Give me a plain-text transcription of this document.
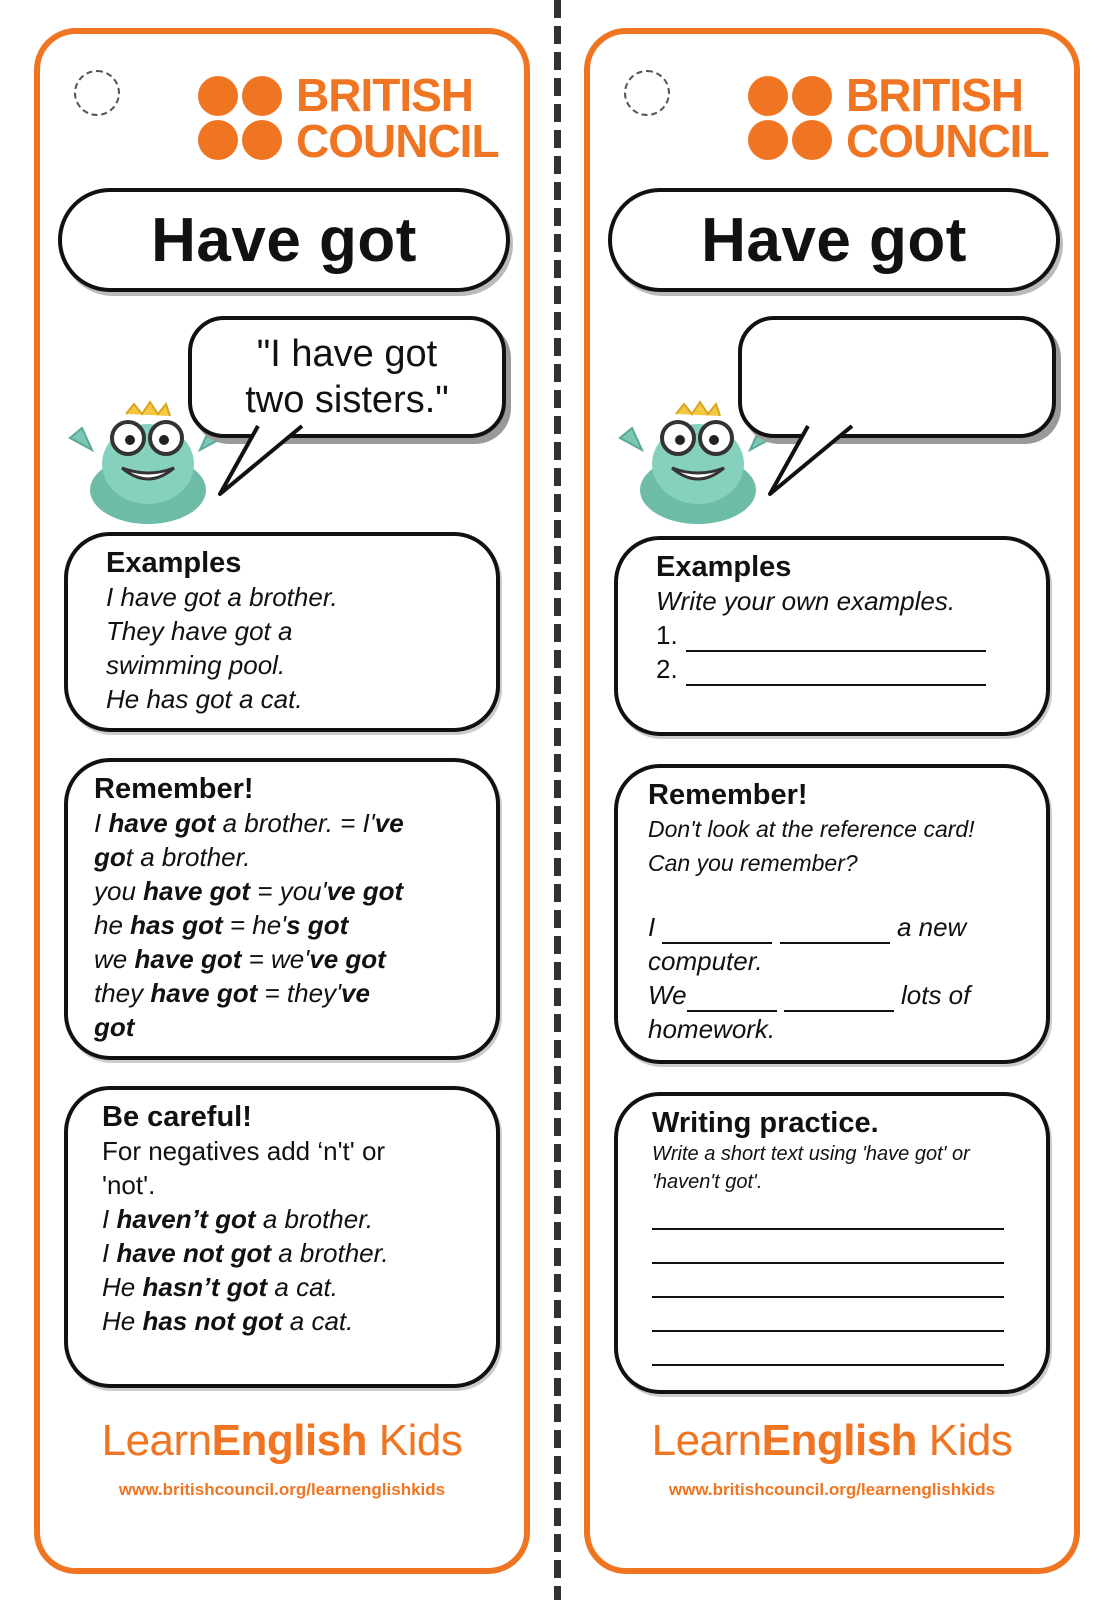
BRITISH
COUNCIL
Have got
"I have got
two sisters."
Examples
I have got a brother.
They have got a
swimming pool.
He has got a cat.
Remember!
I have got a brother. = I've
got a brother.
you have got = you've got
he has got = he's got
we have got = we've got
they have got = they've
got
Be careful!
For negatives add ‘n't' or
'not'.
I haven’t got a brother.
I have not got a brother.
He hasn’t got a cat.
He has not got a cat.
LearnEnglish Kids
www.britishcouncil.org/learnenglishkids
BRITISH
COUNCIL
Have got
Examples
Write your own examples.
1.
2.
Remember!
Don't look at the reference card!
Can you remember?
I	a new
computer.
We	lots of
homework.
Writing practice.
Write a short text using 'have got' or
'haven't got'.
LearnEnglish Kids
www.britishcouncil.org/learnenglishkids
